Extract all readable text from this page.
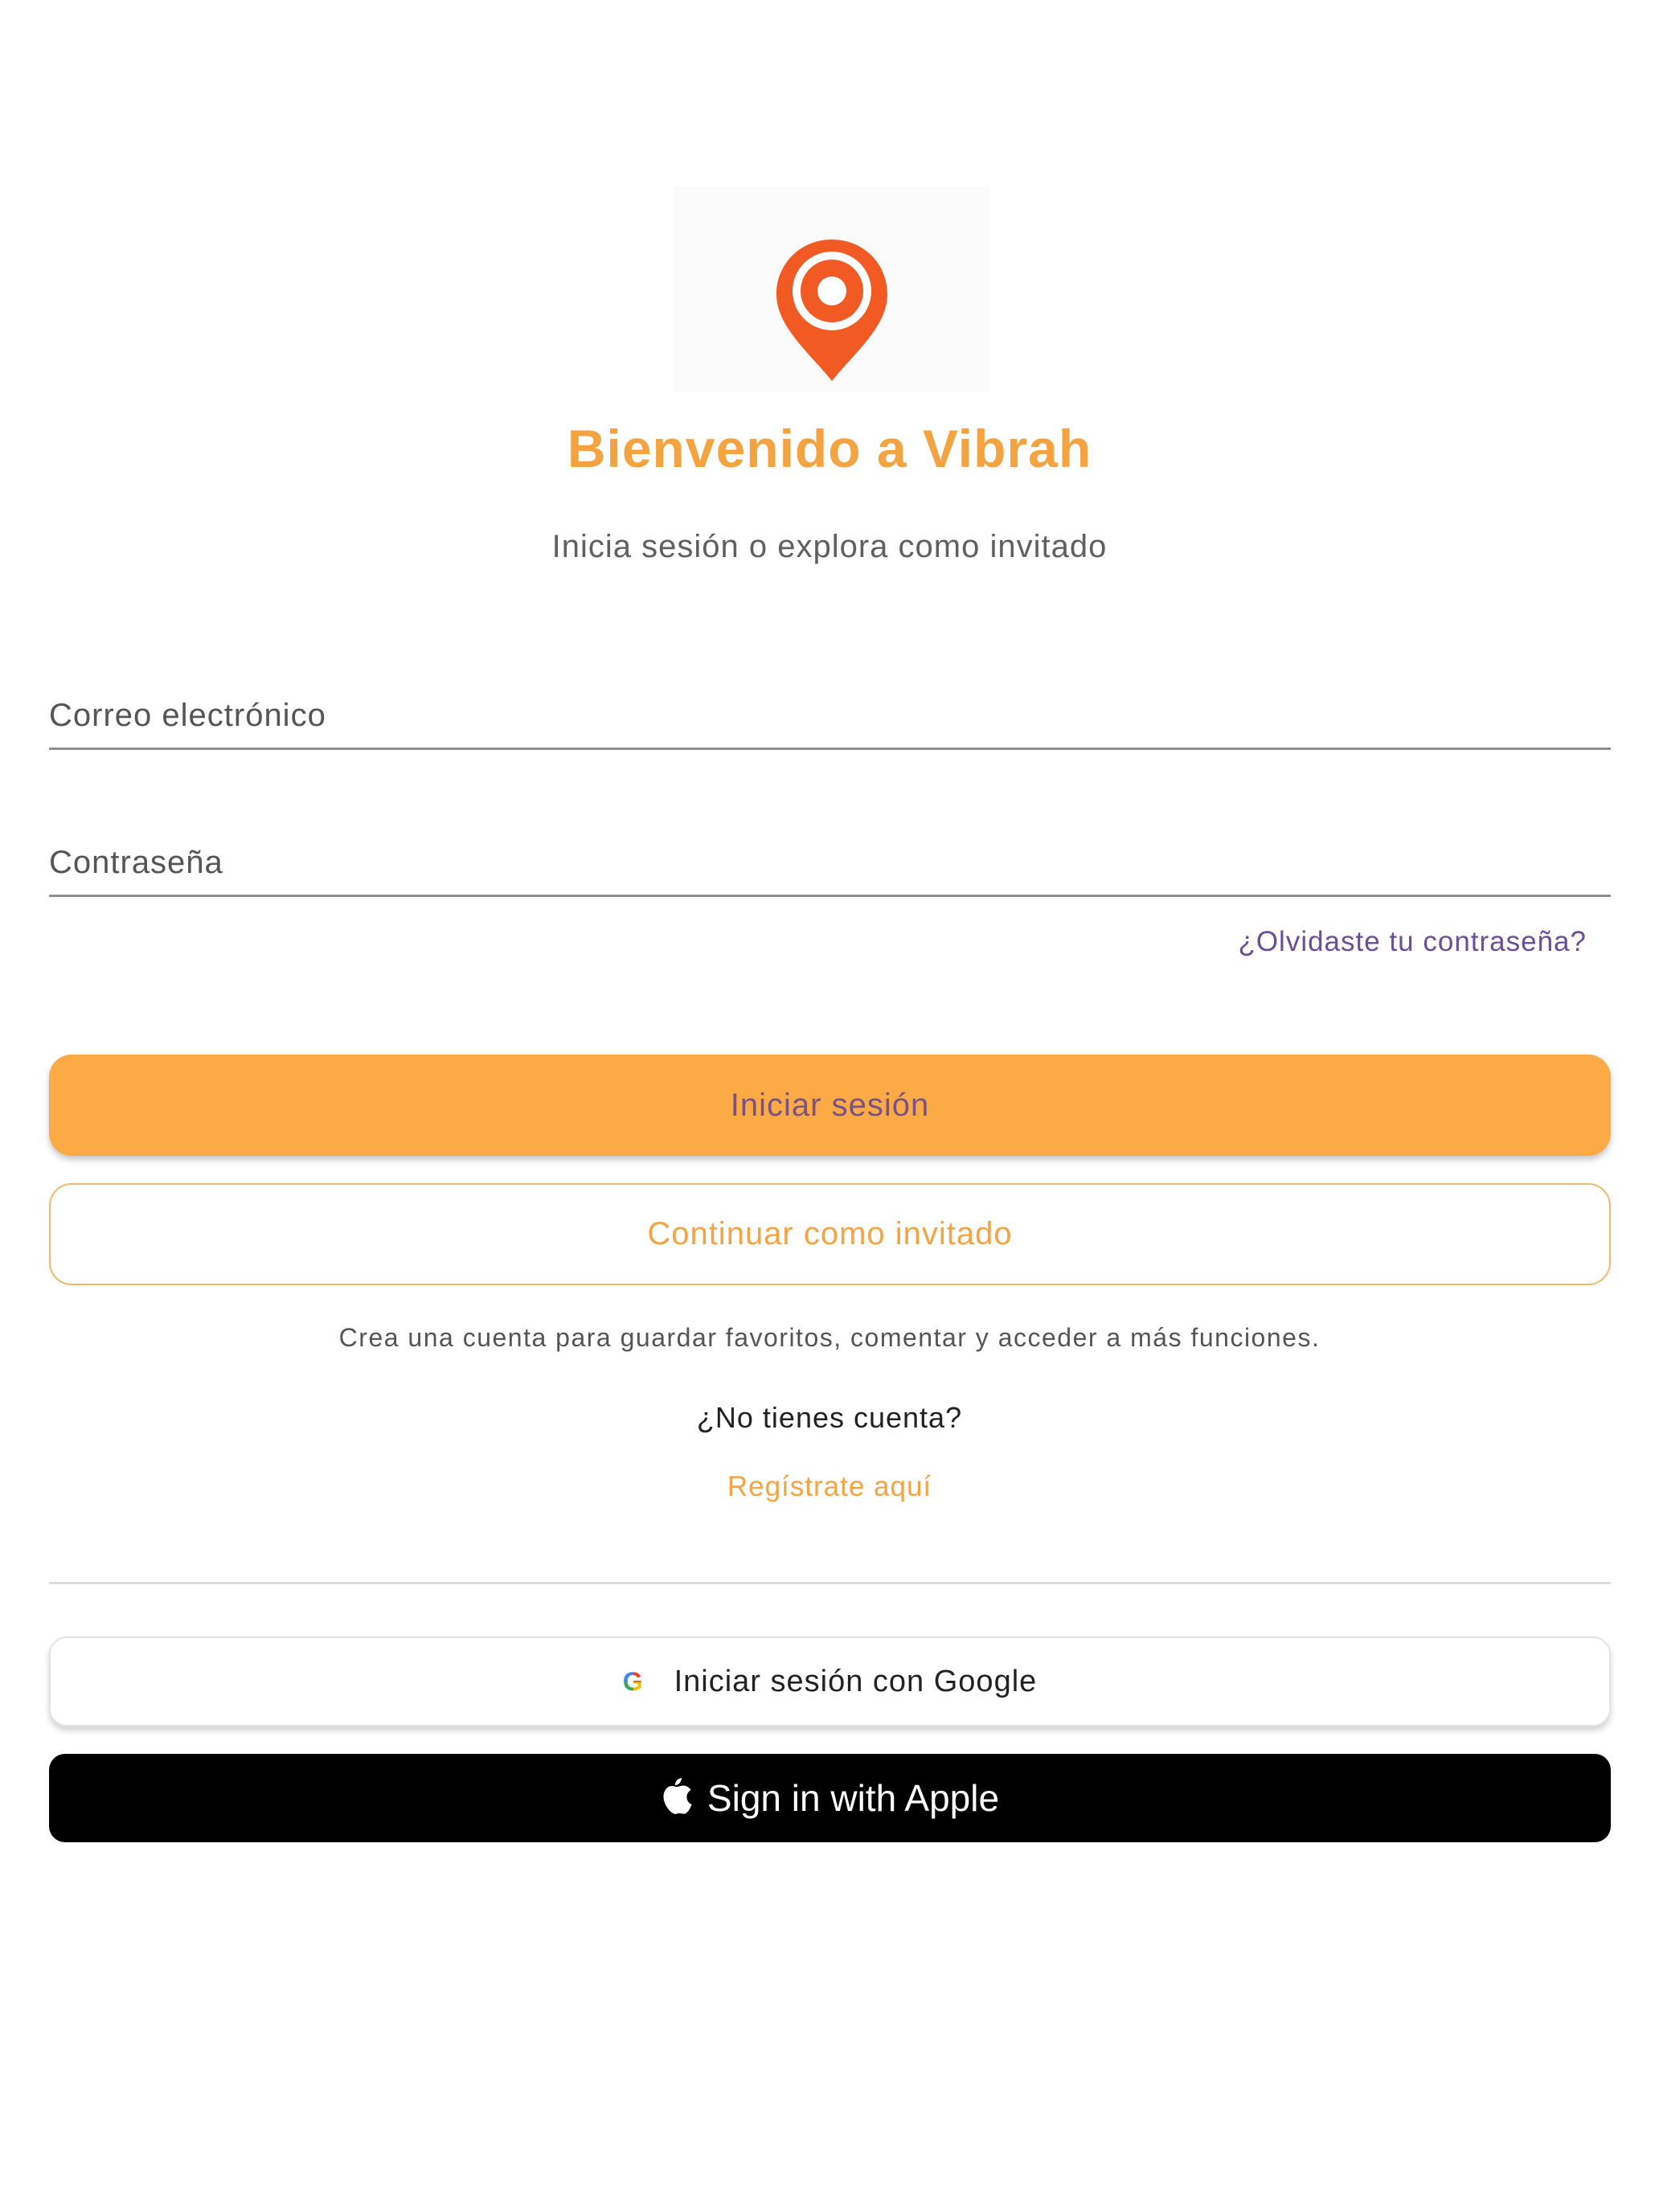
Bienvenido a Vibrah
Inicia sesión o explora como invitado
Correo electrónico
¿Olvidaste tu contraseña?
Iniciar sesión
Continuar como invitado
Crea una cuenta para guardar favoritos, comentar y acceder a más funciones.
¿No tienes cuenta?
Regístrate aquí
G Iniciar sesión con Google
Sign in with Apple
